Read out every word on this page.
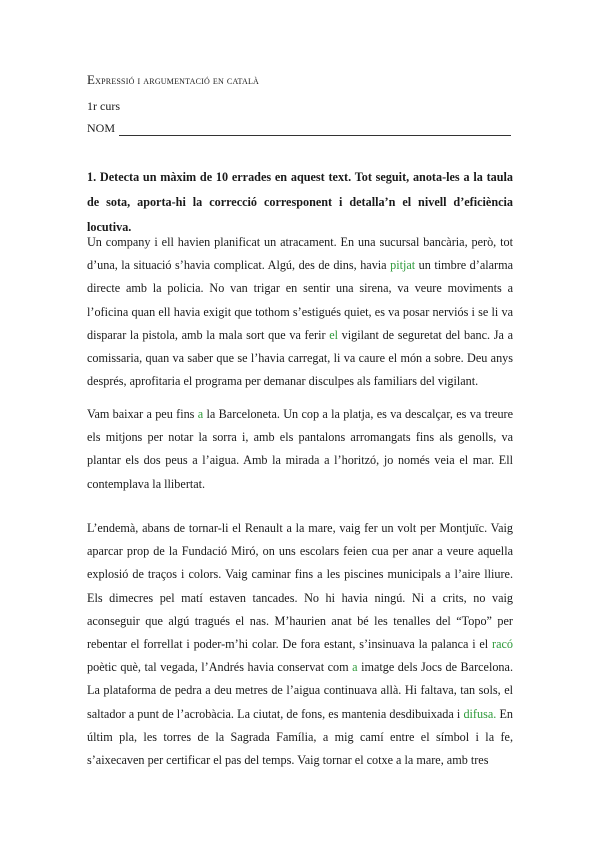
Expressió i argumentació en català
1r curs
NOM
1. Detecta un màxim de 10 errades en aquest text. Tot seguit, anota-les a la taula de sota, aporta-hi la correcció corresponent i detalla’n el nivell d’eficiència locutiva.

Un company i ell havien planificat un atracament. En una sucursal bancària, però, tot d’una, la situació s’havia complicat. Algú, des de dins, havia pitjat un timbre d’alarma directe amb la policia. No van trigar en sentir una sirena, va veure moviments a l’oficina quan ell havia exigit que tothom s’estigués quiet, es va posar nerviós i se li va disparar la pistola, amb la mala sort que va ferir el vigilant de seguretat del banc. Ja a comissaria, quan va saber que se l’havia carregat, li va caure el món a sobre. Deu anys després, aprofitaria el programa per demanar disculpes als familiars del vigilant.

Vam baixar a peu fins a la Barceloneta. Un cop a la platja, es va descalçar, es va treure els mitjons per notar la sorra i, amb els pantalons arromangats fins als genolls, va plantar els dos peus a l’aigua. Amb la mirada a l’horitzó, jo només veia el mar. Ell contemplava la llibertat.

L’endemà, abans de tornar-li el Renault a la mare, vaig fer un volt per Montjuïc. Vaig aparcar prop de la Fundació Miró, on uns escolars feien cua per anar a veure aquella explosió de traços i colors. Vaig caminar fins a les piscines municipals a l’aire lliure. Els dimecres pel matí estaven tancades. No hi havia ningú. Ni a crits, no vaig aconseguir que algú tragués el nas. M’haurien anat bé les tenalles del “Topo” per rebentar el forrellat i poder-m’hi colar. De fora estant, s’insinuava la palanca i el racó poètic què, tal vegada, l’Andrés havia conservat com a imatge dels Jocs de Barcelona. La plataforma de pedra a deu metres de l’aigua continuava allà. Hi faltava, tan sols, el saltador a punt de l’acrobàcia. La ciutat, de fons, es mantenia desdibuixada i difusa. En últim pla, les torres de la Sagrada Família, a mig camí entre el símbol i la fe, s’aixecaven per certificar el pas del temps. Vaig tornar el cotxe a la mare, amb tres
